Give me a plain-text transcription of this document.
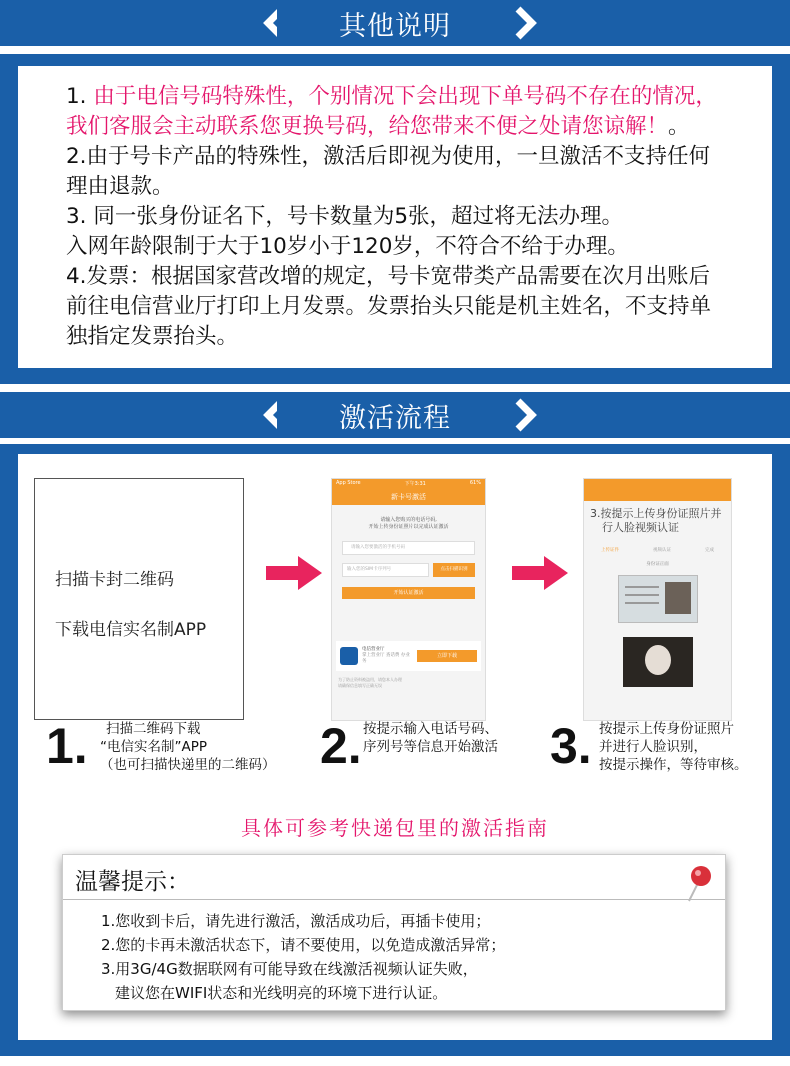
其他说明

1. 由于电信号码特殊性，个别情况下会出现下单号码不存在的情况，

我们客服会主动联系您更换号码，给您带来不便之处请您谅解！。

2.由于号卡产品的特殊性，激活后即视为使用，一旦激活不支持任何

理由退款。

3. 同一张身份证名下，号卡数量为5张，超过将无法办理。

入网年龄限制于大于10岁小于120岁，不符合不给于办理。

4.发票：根据国家营改增的规定，号卡宽带类产品需要在次月出账后

前往电信营业厅打印上月发票。发票抬头只能是机主姓名，不支持单

独指定发票抬头。

激活流程
扫描卡封二维码
下载电信实名制APP
App Store	下午3:31	61%
新卡号激活
请输入您购买的电话号码,
开始上传身份证照片以完成认证激活
请输入您要激活的手机号码
输入您的SIM卡序列号	点击扫描识别
开始认证激活
电信营业厅
掌上营业厅 查话费 办业务
立即下载
为了防止资料被盗用，请您本人办理
请确保信息填写正确无误
3.按提示上传身份证照片并
行人脸视频认证
上传证件	视频认证	完成
身份证正面
1.	扫描二维码下载
“电信实名制”APP
（也可扫描快递里的二维码） 2. 按提示输入电话号码、
序列号等信息开始激活 3. 按提示上传身份证照片
并进行人脸识别，
按提示操作，等待审核。
具体可参考快递包里的激活指南
温馨提示：
1.您收到卡后，请先进行激活，激活成功后，再插卡使用；
2.您的卡再未激活状态下，请不要使用，以免造成激活异常；
3.用3G/4G数据联网有可能导致在线激活视频认证失败，
建议您在WIFI状态和光线明亮的环境下进行认证。
